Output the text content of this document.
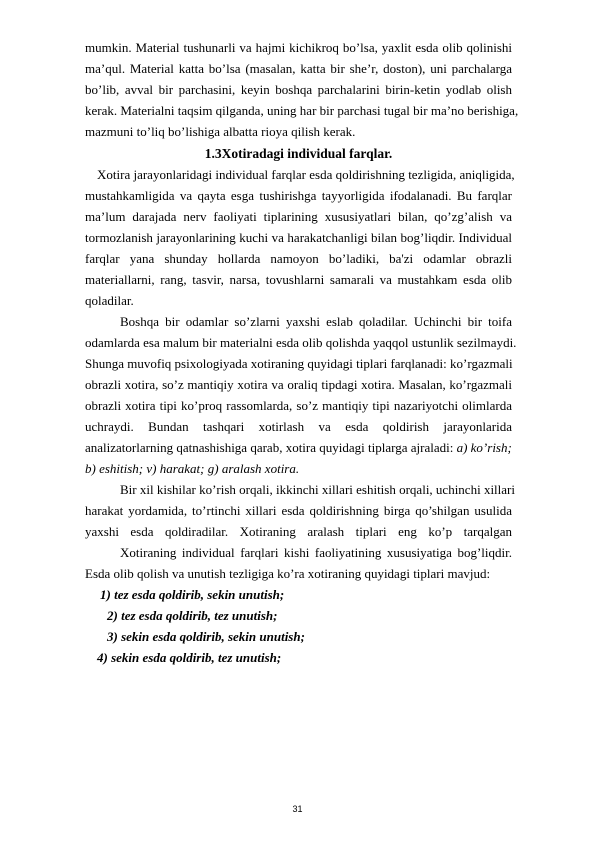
mumkin. Material tushunarli va hajmi kichikroq bo’lsa, yaxlit esda olib qolinishi
ma’qul. Material katta bo’lsa (masalan, katta bir she’r, doston), uni parchalarga
bo’lib, avval bir parchasini, keyin boshqa parchalarini birin-ketin yodlab olish
kerak. Materialni taqsim qilganda, uning har bir parchasi tugal bir ma’no berishiga,
mazmuni to’liq bo’lishiga albatta rioya qilish kerak.
1.3Xotiradagi individual farqlar.
Xotira jarayonlaridagi individual farqlar esda qoldirishning tezligida, aniqligida,
mustahkamligida va qayta esga tushirishga tayyorligida ifodalanadi. Bu farqlar
ma’lum darajada nerv faoliyati tiplarining xususiyatlari bilan, qo’zg’alish va
tormozlanish jarayonlarining kuchi va harakatchanligi bilan bog’liqdir. Individual
farqlar yana shunday hollarda namoyon bo’ladiki, ba'zi odamlar obrazli
materiallarni, rang, tasvir, narsa, tovushlarni samarali va mustahkam esda olib
qoladilar.
Boshqa bir odamlar so’zlarni yaxshi eslab qoladilar. Uchinchi bir toifa
odamlarda esa malum bir materialni esda olib qolishda yaqqol ustunlik sezilmaydi.
Shunga muvofiq psixologiyada xotiraning quyidagi tiplari farqlanadi: ko’rgazmali
obrazli xotira, so’z mantiqiy xotira va oraliq tipdagi xotira. Masalan, ko’rgazmali
obrazli xotira tipi ko’proq rassomlarda, so’z mantiqiy tipi nazariyotchi olimlarda
uchraydi. Bundan tashqari xotirlash va esda qoldirish jarayonlarida
analizatorlarning qatnashishiga qarab, xotira quyidagi tiplarga ajraladi: a) ko’rish;
b) eshitish; v) harakat; g) aralash xotira.
Bir xil kishilar ko’rish orqali, ikkinchi xillari eshitish orqali, uchinchi xillari
harakat yordamida, to’rtinchi xillari esda qoldirishning birga qo’shilgan usulida
yaxshi esda qoldiradilar. Xotiraning aralash tiplari eng ko’p tarqalgan
Xotiraning individual farqlari kishi faoliyatining xususiyatiga bog’liqdir.
Esda olib qolish va unutish tezligiga ko’ra xotiraning quyidagi tiplari mavjud:
1) tez esda qoldirib, sekin unutish;
2) tez esda qoldirib, tez unutish;
3) sekin esda qoldirib, sekin unutish;
4) sekin esda qoldirib, tez unutish;
31
